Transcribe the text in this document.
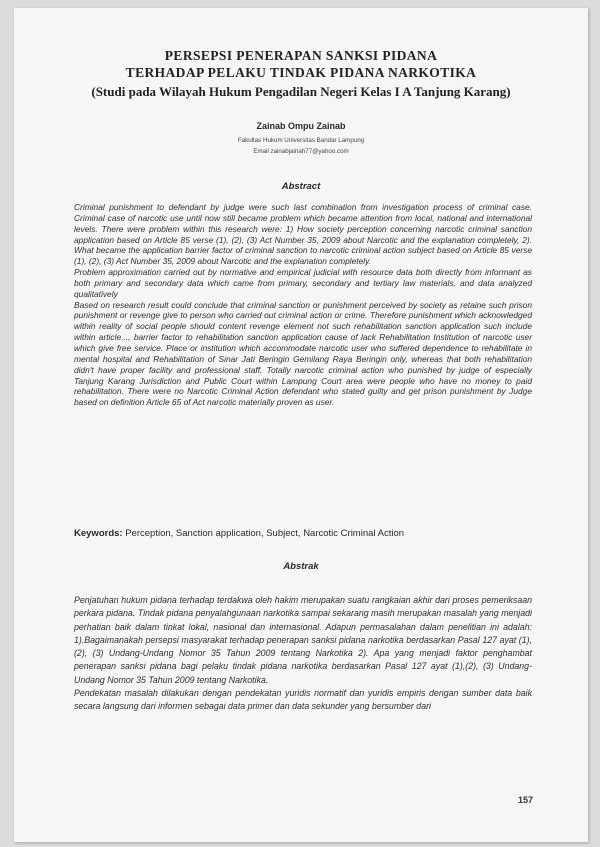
PERSEPSI PENERAPAN SANKSI PIDANA
TERHADAP PELAKU TINDAK PIDANA NARKOTIKA
(Studi pada Wilayah Hukum Pengadilan Negeri Kelas I A Tanjung Karang)
Zainab Ompu Zainab
Fakultas Hukum Universitas Bandar Lampung
Email zainabjainah77@yahoo.com
Abstract

Criminal punishment to defendant by judge were such last combination from investigation process of criminal case. Criminal case of narcotic use until now still became problem which became attention from local, national and international levels. There were problem within this research were: 1) How society perception concerning narcotic criminal sanction application based on Article 85 verse (1), (2), (3) Act Number 35, 2009 about Narcotic and the explanation completely, 2). What became the application barrier factor of criminal sanction to narcotic criminal action subject based on Article 85 verse (1), (2), (3) Act Number 35, 2009 about Narcotic and the explanation completely.

Problem approximation carried out by normative and empirical judicial with resource data both directly from informant as both primary and secondary data which came from primary, secondary and tertiary law materials, and data analyzed qualitatively

Based on research result could conclude that criminal sanction or punishment perceived by society as retaine such prison punishment or revenge give to person who carried out criminal action or crime. Therefore punishment which acknowledged within reality of social people should content revenge element not such rehabilitation sanction application such include within article..., barrier factor to rehabilitation sanction application cause of lack Rehabilitation Institution of narcotic user which give free service. Place or institution which accommodate narcotic user who suffered dependence to rehabilitate in mental hospital and Rehabilitation of Sinar Jati Beringin Gemilang Raya Beringin only, whereas that both rehabilitation didn't have proper facility and professional staff. Totally narcotic criminal action who punished by judge of especially Tanjung Karang Jurisdiction and Public Court within Lampung Court area were people who have no money to paid rehabilitation. There were no Narcotic Criminal Action defendant who stated guilty and get prison punishment by Judge based on definition Article 65 of Act narcotic materially proven as user.

Keywords: Perception, Sanction application, Subject, Narcotic Criminal Action
Abstrak

Penjatuhan hukum pidana terhadap terdakwa oleh hakim merupakan suatu rangkaian akhir dari proses pemeriksaan perkara pidana. Tindak pidana penyalahgunaan narkotika sampai sekarang masih merupakan masalah yang menjadi perhatian baik dalam tinkat lokal, nasional dan internasional. Adapun permasalahan dalam penelitian ini adalah: 1).Bagaimanakah persepsi masyarakat terhadap penerapan sanksi pidana narkotika berdasarkan Pasal 127 ayat (1),(2), (3) Undang-Undang Nomor 35 Tahun 2009 tentang Narkotika 2). Apa yang menjadi faktor penghambat penerapan sanksi pidana bagi pelaku tindak pidana narkotika berdasarkan Pasal 127 ayat (1),(2), (3) Undang-Undang Nomor 35 Tahun 2009 tentang Narkotika.

Pendekatan masalah dilakukan dengan pendekatan yuridis normatif dan yuridis empiris dengan sumber data baik secara langsung dari informen sebagai data primer dan data sekunder yang bersumber dari

157
